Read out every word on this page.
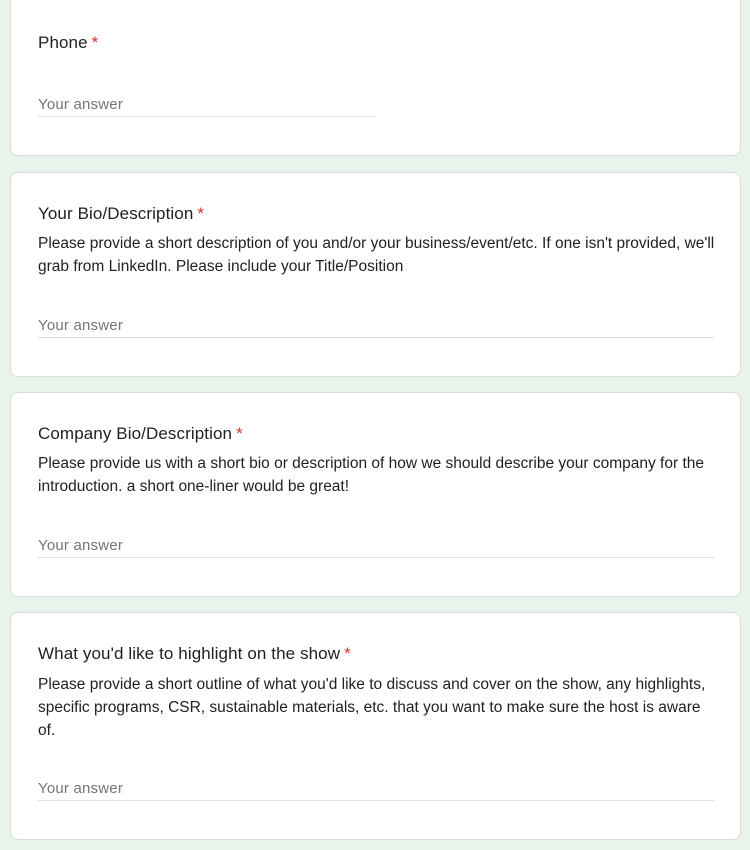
Phone *
Your answer
Your Bio/Description *
Please provide a short description of you and/or your business/event/etc. If one isn't provided, we'll grab from LinkedIn. Please include your Title/Position
Your answer
Company Bio/Description *
Please provide us with a short bio or description of how we should describe your company for the introduction. a short one-liner would be great!
Your answer
What you'd like to highlight on the show *
Please provide a short outline of what you'd like to discuss and cover on the show, any highlights, specific programs, CSR, sustainable materials, etc. that you want to make sure the host is aware of.
Your answer
